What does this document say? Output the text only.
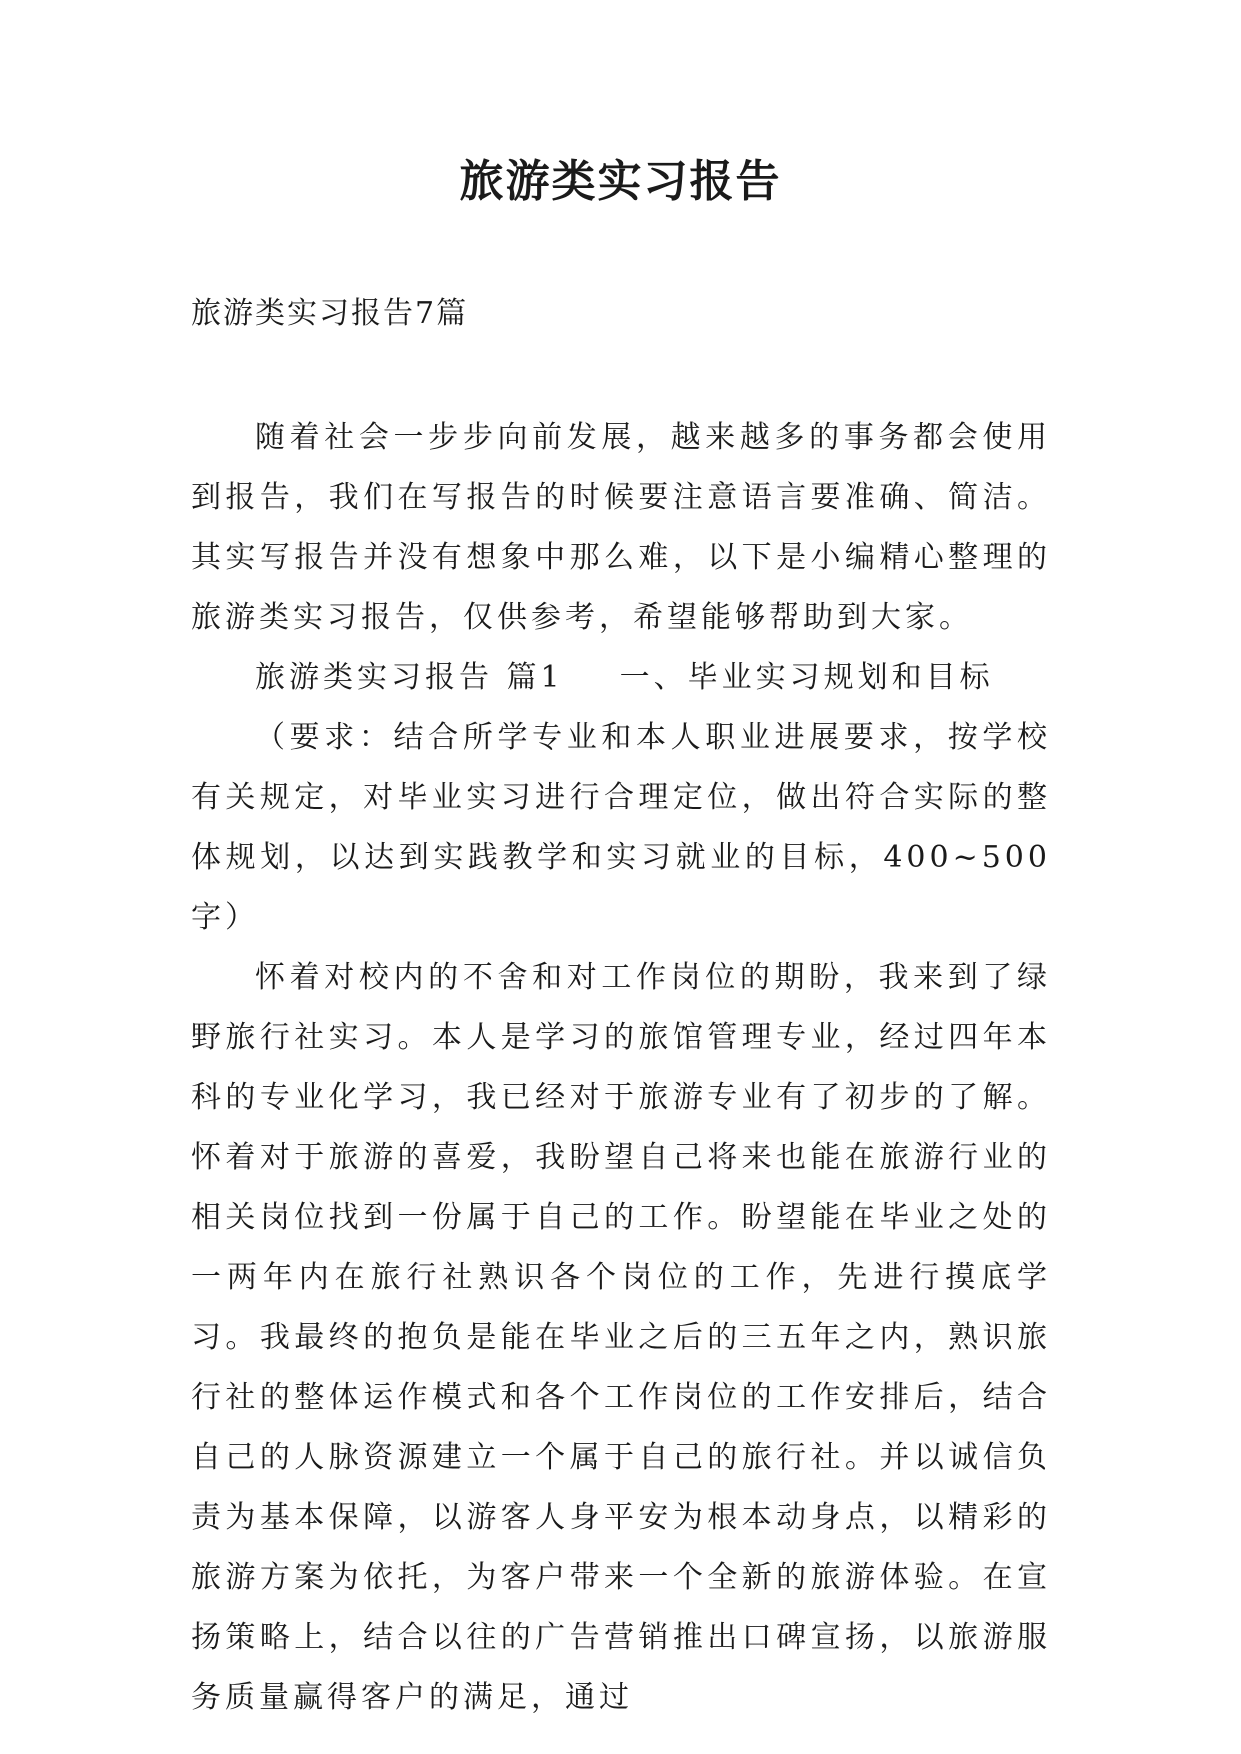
旅游类实习报告

旅游类实习报告7篇

随着社会一步步向前发展，越来越多的事务都会使用到报告，我们在写报告的时候要注意语言要准确、简洁。其实写报告并没有想象中那么难，以下是小编精心整理的旅游类实习报告，仅供参考，希望能够帮助到大家。

旅游类实习报告 篇1 一、毕业实习规划和目标

（要求：结合所学专业和本人职业进展要求，按学校有关规定，对毕业实习进行合理定位，做出符合实际的整体规划，以达到实践教学和实习就业的目标，400~500字）

怀着对校内的不舍和对工作岗位的期盼，我来到了绿野旅行社实习。本人是学习的旅馆管理专业，经过四年本科的专业化学习，我已经对于旅游专业有了初步的了解。怀着对于旅游的喜爱，我盼望自己将来也能在旅游行业的相关岗位找到一份属于自己的工作。盼望能在毕业之处的一两年内在旅行社熟识各个岗位的工作，先进行摸底学习。我最终的抱负是能在毕业之后的三五年之内，熟识旅行社的整体运作模式和各个工作岗位的工作安排后，结合自己的人脉资源建立一个属于自己的旅行社。并以诚信负责为基本保障，以游客人身平安为根本动身点，以精彩的旅游方案为依托，为客户带来一个全新的旅游体验。在宣扬策略上，结合以往的广告营销推出口碑宣扬，以旅游服务质量赢得客户的满足，通过
